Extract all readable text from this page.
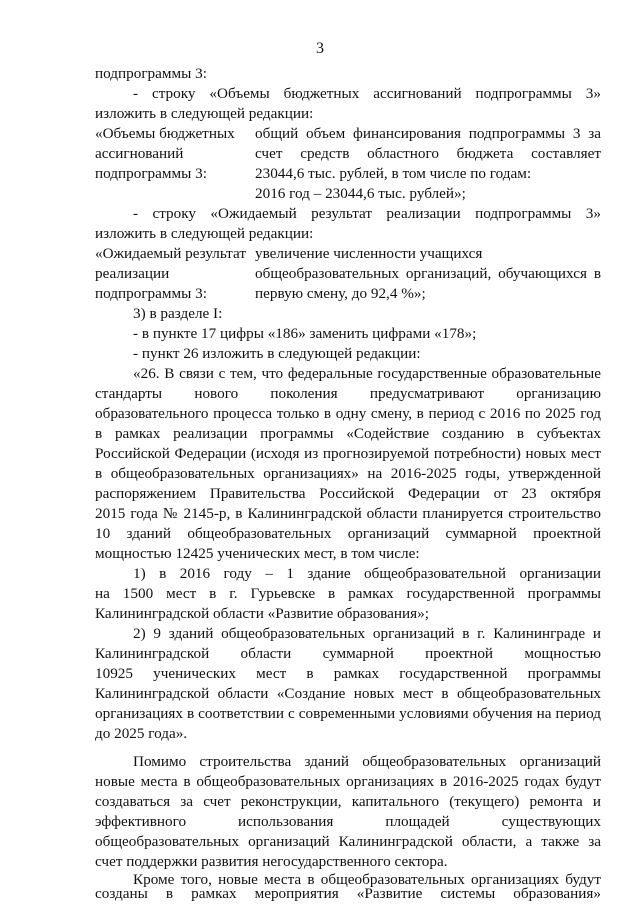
3
подпрограммы 3:
- строку «Объемы бюджетных ассигнований подпрограммы 3»
изложить в следующей редакции:
«Объемы бюджетных
ассигнований
подпрограммы 3:
общий объем финансирования подпрограммы 3 за
счет средств областного бюджета составляет
23044,6 тыс. рублей, в том числе по годам:
2016 год – 23044,6 тыс. рублей»;
- строку «Ожидаемый результат реализации подпрограммы 3»
изложить в следующей редакции:
«Ожидаемый результат
реализации
подпрограммы 3:
увеличение численности учащихся
общеобразовательных организаций, обучающихся в
первую смену, до 92,4 %»;
3) в разделе I:
- в пункте 17 цифры «186» заменить цифрами «178»;
- пункт 26 изложить в следующей редакции:
«26. В связи с тем, что федеральные государственные образовательные
стандарты нового поколения предусматривают организацию
образовательного процесса только в одну смену, в период с 2016 по 2025 год
в рамках реализации программы «Содействие созданию в субъектах
Российской Федерации (исходя из прогнозируемой потребности) новых мест
в общеобразовательных организациях» на 2016-2025 годы, утвержденной
распоряжением Правительства Российской Федерации от 23 октября
2015 года № 2145-р, в Калининградской области планируется строительство
10 зданий общеобразовательных организаций суммарной проектной
мощностью 12425 ученических мест, в том числе:
1) в 2016 году – 1 здание общеобразовательной организации
на 1500 мест в г. Гурьевске в рамках государственной программы
Калининградской области «Развитие образования»;
2) 9 зданий общеобразовательных организаций в г. Калининграде и
Калининградской области суммарной проектной мощностью
10925 ученических мест в рамках государственной программы
Калининградской области «Создание новых мест в общеобразовательных
организациях в соответствии с современными условиями обучения на период
до 2025 года».
Помимо строительства зданий общеобразовательных организаций
новые места в общеобразовательных организациях в 2016-2025 годах будут
создаваться за счет реконструкции, капитального (текущего) ремонта и
эффективного использования площадей существующих
общеобразовательных организаций Калининградской области, а также за
счет поддержки развития негосударственного сектора.
Кроме того, новые места в общеобразовательных организациях будут
созданы в рамках мероприятия «Развитие системы образования»
